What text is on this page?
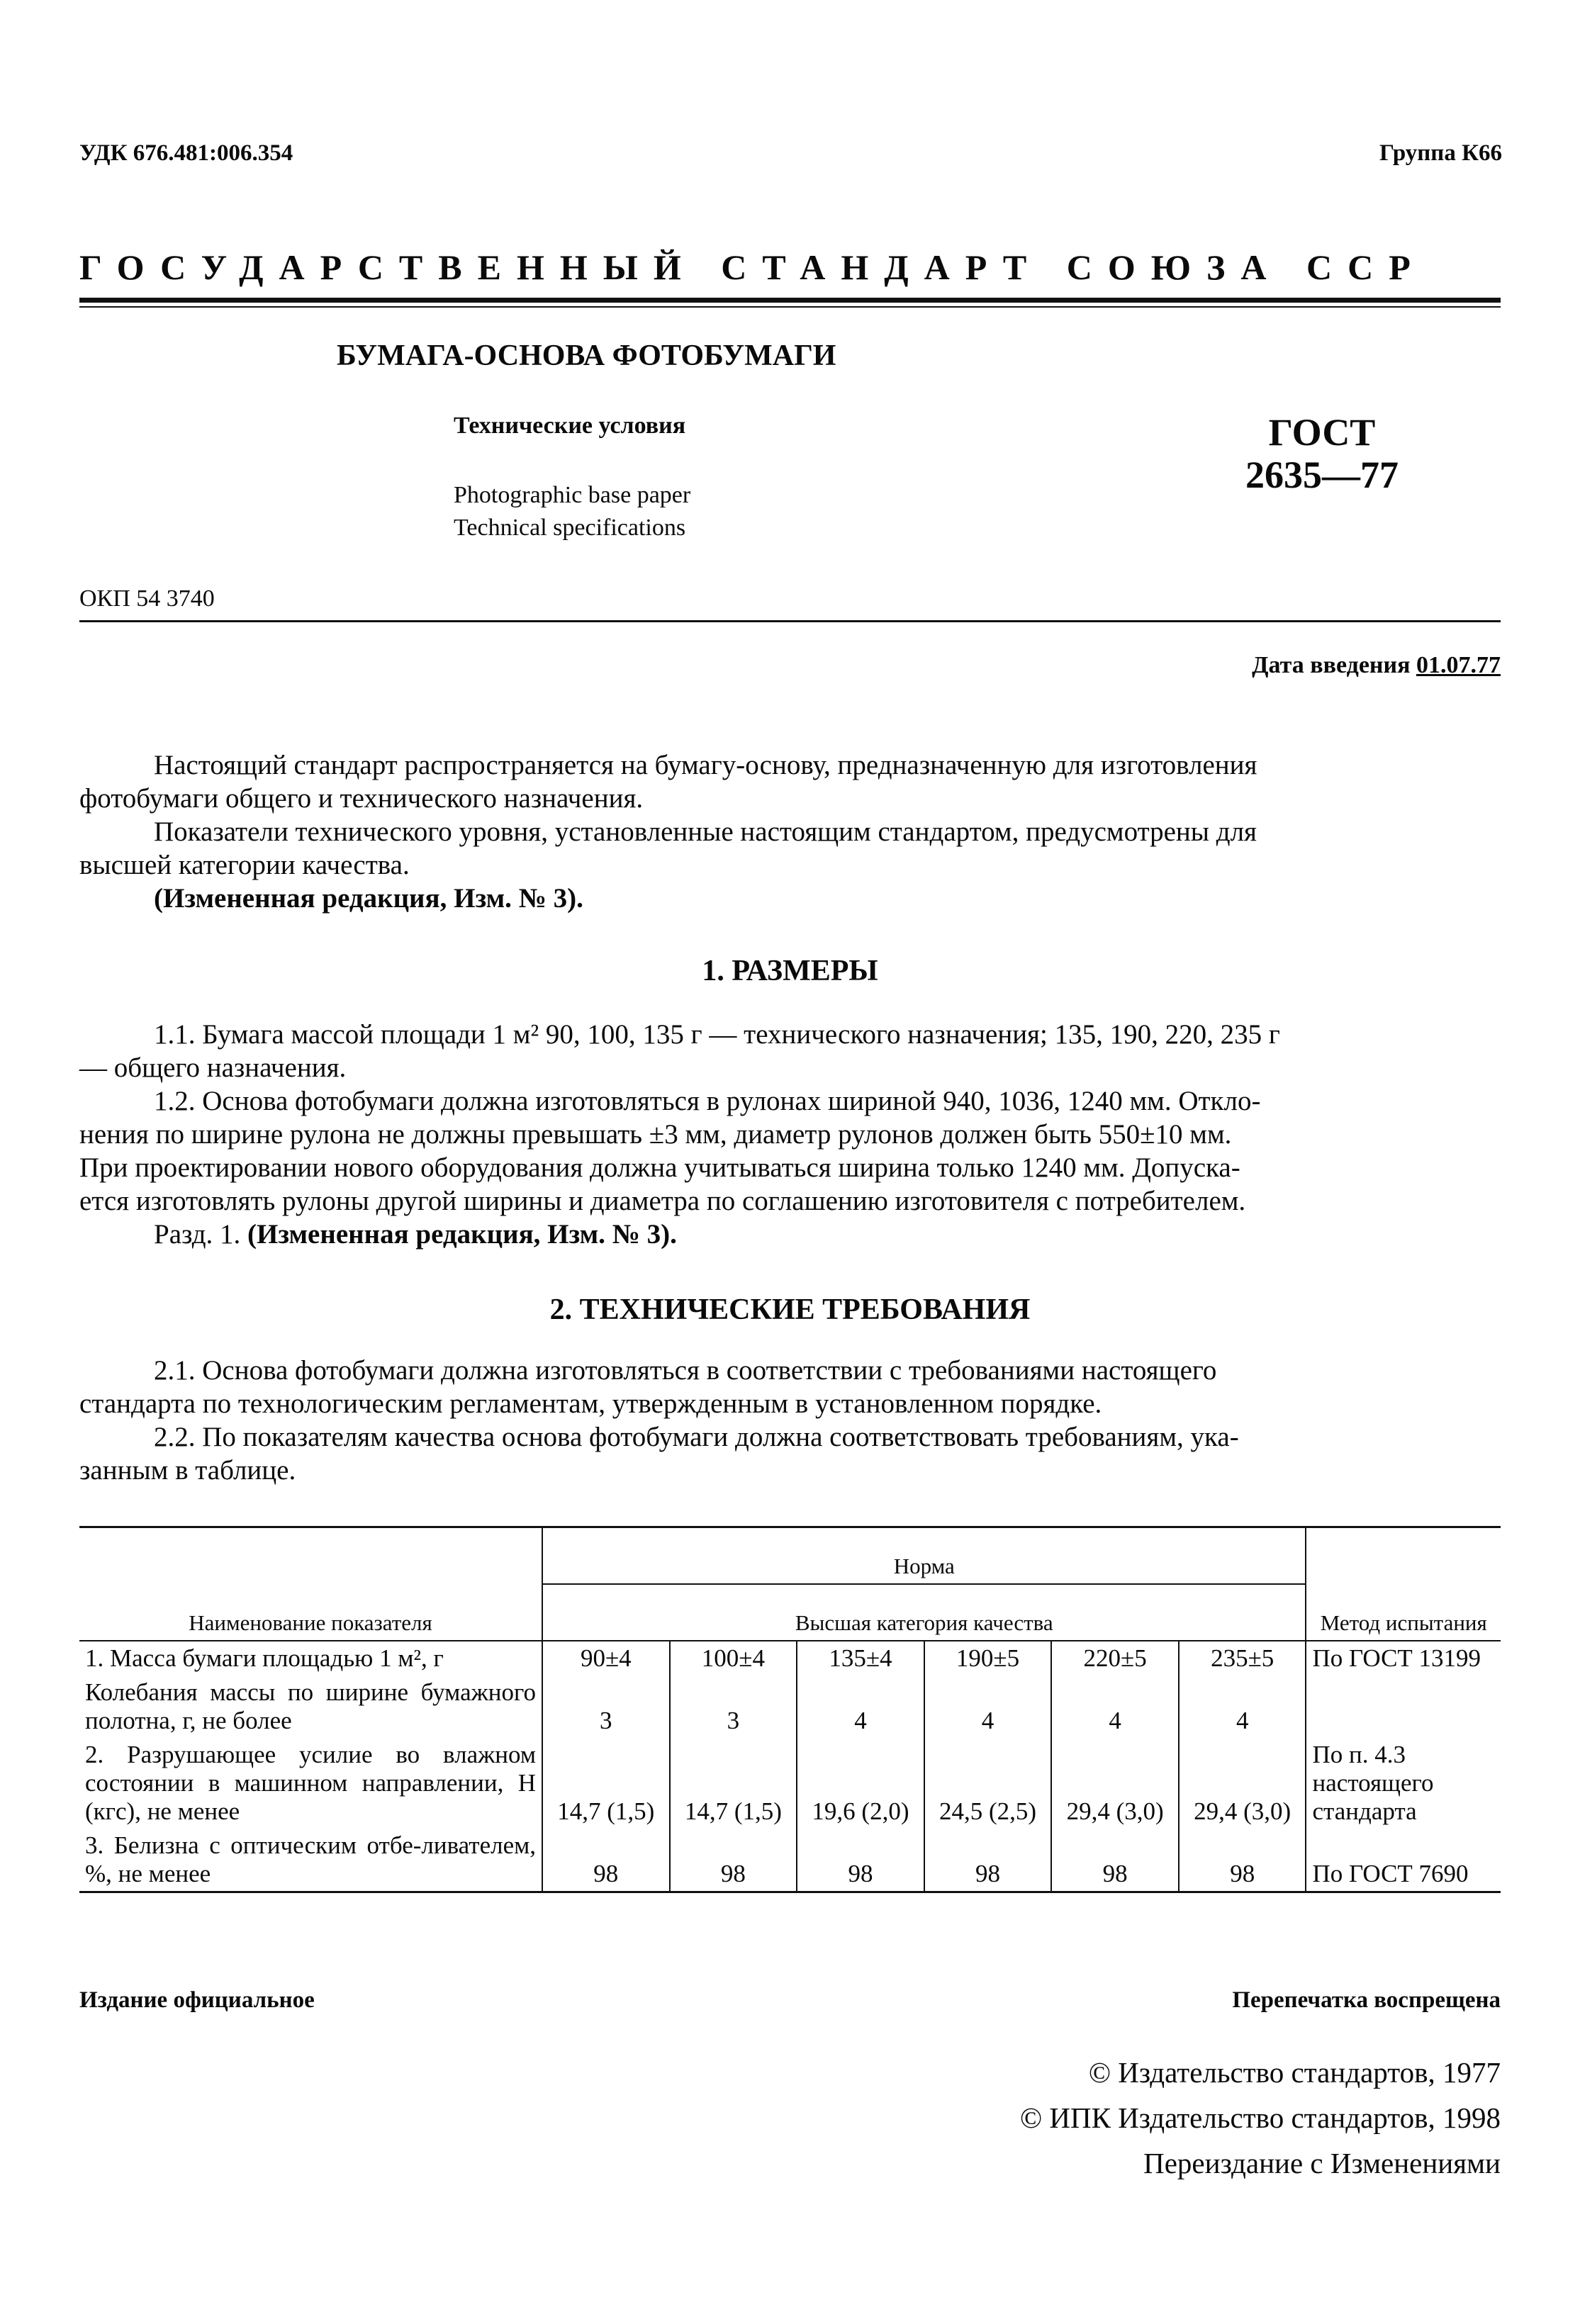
УДК 676.481:006.354	Группа К66
ГОСУДАРСТВЕННЫЙ СТАНДАРТ СОЮЗА ССР
БУМАГА-ОСНОВА ФОТОБУМАГИ
Технические условия
Photographic base paper
Technical specifications
ГОСТ
2635—77
ОКП 54 3740
Дата введения 01.07.77
Настоящий стандарт распространяется на бумагу-основу, предназначенную для изготовления
фотобумаги общего и технического назначения.
Показатели технического уровня, установленные настоящим стандартом, предусмотрены для
высшей категории качества.
(Измененная редакция, Изм. № 3).
1. РАЗМЕРЫ
1.1. Бумага массой площади 1 м² 90, 100, 135 г — технического назначения; 135, 190, 220, 235 г
— общего назначения.
1.2. Основа фотобумаги должна изготовляться в рулонах шириной 940, 1036, 1240 мм. Откло-
нения по ширине рулона не должны превышать ±3 мм, диаметр рулонов должен быть 550±10 мм.
При проектировании нового оборудования должна учитываться ширина только 1240 мм. Допуска-
ется изготовлять рулоны другой ширины и диаметра по соглашению изготовителя с потребителем.
Разд. 1. (Измененная редакция, Изм. № 3).
2. ТЕХНИЧЕСКИЕ ТРЕБОВАНИЯ
2.1. Основа фотобумаги должна изготовляться в соответствии с требованиями настоящего
стандарта по технологическим регламентам, утвержденным в установленном порядке.
2.2. По показателям качества основа фотобумаги должна соответствовать требованиям, ука-
занным в таблице.
Наименование показателя	Норма						Метод испытания
	Высшая категория качества						
1. Масса бумаги площадью 1 м², г	90±4	100±4	135±4	190±5	220±5	235±5	По ГОСТ 13199
Колебания массы по ширине бумажного полотна, г, не более	3	3	4	4	4	4	
2. Разрушающее усилие во влажном состоянии в машинном направлении, Н (кгс), не менее	14,7 (1,5)	14,7 (1,5)	19,6 (2,0)	24,5 (2,5)	29,4 (3,0)	29,4 (3,0)	По п. 4.3 настоящего стандарта
3. Белизна с оптическим отбе-ливателем, %, не менее	98	98	98	98	98	98	По ГОСТ 7690
Издание официальное	Перепечатка воспрещена
© Издательство стандартов, 1977
© ИПК Издательство стандартов, 1998
Переиздание с Изменениями
